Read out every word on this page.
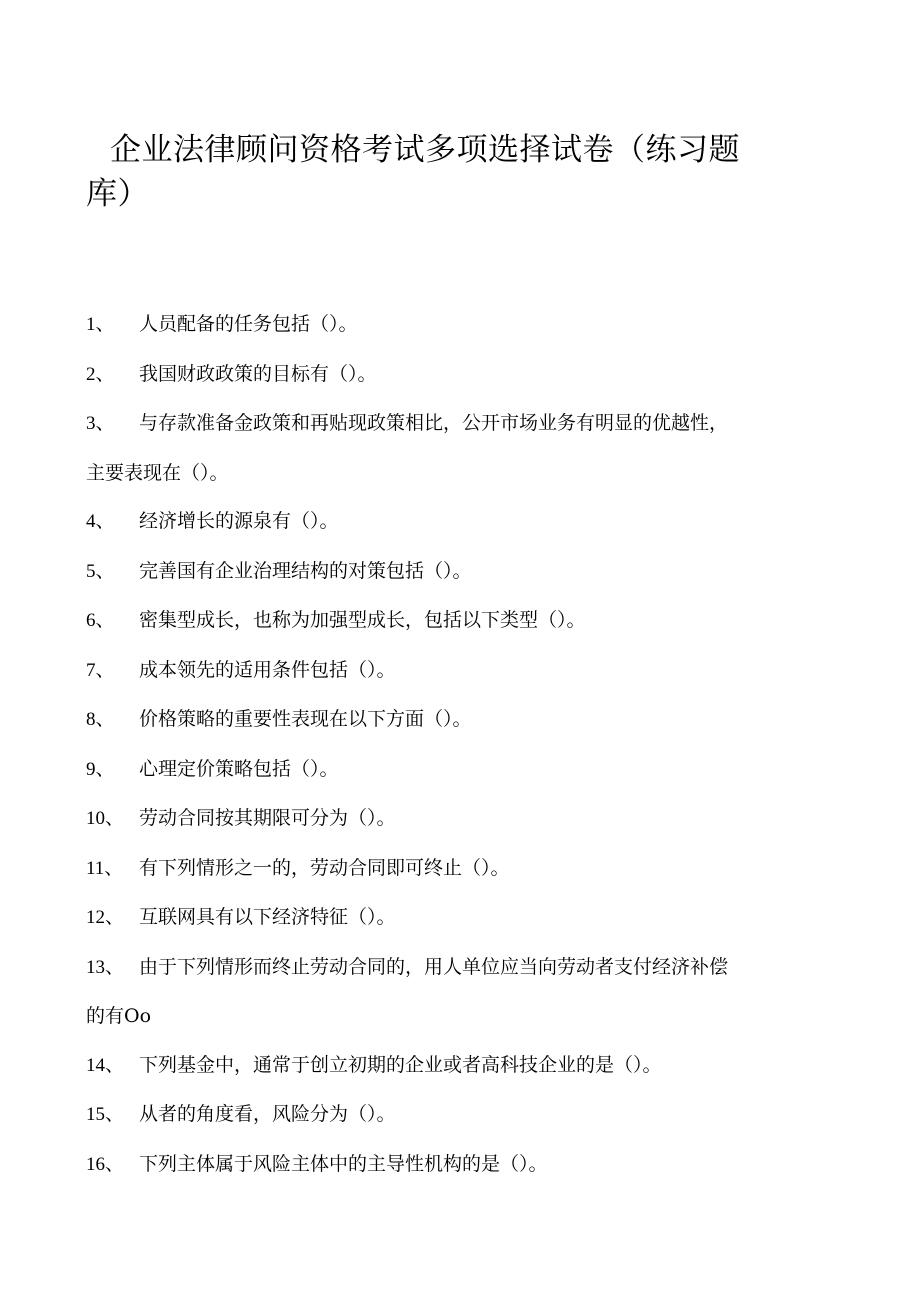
企业法律顾问资格考试多项选择试卷（练习题库）
1、 人员配备的任务包括（）。
2、 我国财政政策的目标有（）。
3、 与存款准备金政策和再贴现政策相比，公开市场业务有明显的优越性，
主要表现在（）。
4、 经济增长的源泉有（）。
5、 完善国有企业治理结构的对策包括（）。
6、 密集型成长，也称为加强型成长，包括以下类型（）。
7、 成本领先的适用条件包括（）。
8、 价格策略的重要性表现在以下方面（）。
9、 心理定价策略包括（）。
10、 劳动合同按其期限可分为（）。
11、 有下列情形之一的，劳动合同即可终止（）。
12、 互联网具有以下经济特征（）。
13、 由于下列情形而终止劳动合同的，用人单位应当向劳动者支付经济补偿
的有Oo
14、 下列基金中，通常于创立初期的企业或者高科技企业的是（）。
15、 从者的角度看，风险分为（）。
16、 下列主体属于风险主体中的主导性机构的是（）。
